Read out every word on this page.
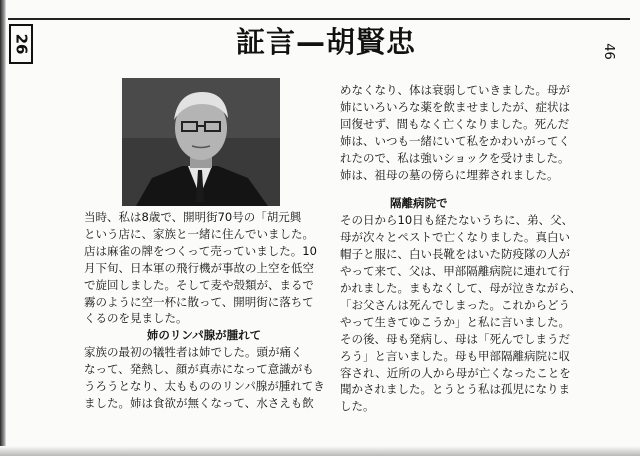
26	46
証言—胡賢忠

当時、私は8歳で、開明街70号の「胡元興

という店に、家族と一緒に住んでいました。

店は麻雀の牌をつくって売っていました。10

月下旬、日本軍の飛行機が事故の上空を低空

で旋回しました。そして麦や殻類が、まるで

霧のように空一杯に散って、開明街に落ちて

くるのを見ました。

姉のリンパ腺が腫れて

家族の最初の犠牲者は姉でした。頭が痛く

なって、発熱し、顔が真赤になって意識がも

うろうとなり、太ももののリンパ腺が腫れてき

ました。姉は食欲が無くなって、水さえも飲

めなくなり、体は衰弱していきました。母が

姉にいろいろな薬を飲ませましたが、症状は

回復せず、間もなく亡くなりました。死んだ

姉は、いつも一緒にいて私をかわいがってく

れたので、私は強いショックを受けました。

姉は、祖母の墓の傍らに埋葬されました。

隔離病院で

その日から10日も経たないうちに、弟、父、

母が次々とペストで亡くなりました。真白い

帽子と服に、白い長靴をはいた防疫隊の人が

やって来て、父は、甲部隔離病院に連れて行

かれました。まもなくして、母が泣きながら、

「お父さんは死んでしまった。これからどう

やって生きてゆこうか」と私に言いました。

その後、母も発病し、母は「死んでしまうだ

ろう」と言いました。母も甲部隔離病院に収

容され、近所の人から母が亡くなったことを

聞かされました。とうとう私は孤児になりま

した。
